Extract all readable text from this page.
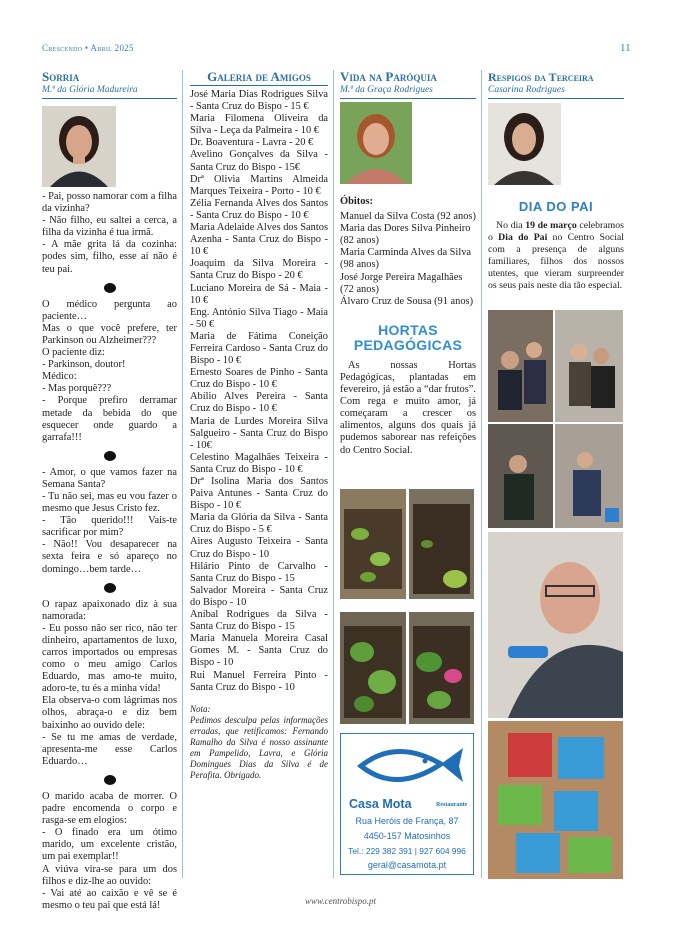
Crescendo • Abril 2025	11
Sorria
M.ª da Glória Madureira
- Pai, posso namorar com a filha da vizinha?
- Não filho, eu saltei a cerca, a filha da vizinha é tua irmã.
- A mãe grita lá da cozinha: podes sim, filho, esse aí não é teu pai.
O médico pergunta ao paciente…
Mas o que você prefere, ter Parkinson ou Alzheimer???
O paciente diz:
- Parkinson, doutor!
Médico:
- Mas porquê???
- Porque prefiro derramar metade da bebida do que esquecer onde guardo a garrafa!!!
- Amor, o que vamos fazer na Semana Santa?
- Tu não sei, mas eu vou fazer o mesmo que Jesus Cristo fez.
- Tão querido!!! Vais-te sacrificar por mim?
- Não!! Vou desaparecer na sexta feira e só apareço no domingo…bem tarde…
O rapaz apaixonado diz à sua namorada:
- Eu posso não ser rico, não ter dinheiro, apartamentos de luxo, carros importados ou empresas como o meu amigo Carlos Eduardo, mas amo-te muito, adoro-te, tu és a minha vida!
Ela observa-o com lágrimas nos olhos, abraça-o e diz bem baixinho ao ouvido dele:
- Se tu me amas de verdade, apresenta-me esse Carlos Eduardo…
O marido acaba de morrer. O padre encomenda o corpo e rasga-se em elogios:
- O finado era um ótimo marido, um excelente cristão, um pai exemplar!!
A viúva vira-se para um dos filhos e diz-lhe ao ouvido:
- Vai até ao caixão e vê se é mesmo o teu pai que está lá!
Galeria de Amigos
José Maria Dias Rodrigues Silva - Santa Cruz do Bispo - 15 €
Maria Filomena Oliveira da Silva - Leça da Palmeira - 10 €
Dr. Boaventura - Lavra - 20 €
Avelino Gonçalves da Silva - Santa Cruz do Bispo - 15€
Drª Olivia Martins Almeida Marques Teixeira - Porto - 10 €
Zélia Fernanda Alves dos Santos - Santa Cruz do Bispo - 10 €
Maria Adelaide Alves dos Santos Azenha - Santa Cruz do Bispo - 10 €
Joaquim da Silva Moreira - Santa Cruz do Bispo - 20 €
Luciano Moreira de Sá - Maia - 10 €
Eng. António Silva Tiago - Maia - 50 €
Maria de Fátima Coneição Ferreira Cardoso - Santa Cruz do Bispo - 10 €
Ernesto Soares de Pinho - Santa Cruz do Bispo - 10 €
Abílio Alves Pereira - Santa Cruz do Bispo - 10 €
Maria de Lurdes Moreira Silva Salgueiro - Santa Cruz do Bispo - 10€
Celestino Magalhães Teixeira - Santa Cruz do Bispo - 10 €
Drª Isolina Maria dos Santos Paiva Antunes - Santa Cruz do Bispo - 10 €
Maria da Glória da Silva - Santa Cruz do Bispo - 5 €
Aires Augusto Teixeira - Santa Cruz do Bispo - 10
Hilário Pinto de Carvalho - Santa Cruz do Bispo - 15
Salvador Moreira - Santa Cruz do Bispo - 10
Aníbal Rodrigues da Silva - Santa Cruz do Bispo - 15
Maria Manuela Moreira Casal Gomes M. - Santa Cruz do Bispo - 10
Rui Manuel Ferreira Pinto - Santa Cruz do Bispo - 10
Nota:
Pedimos desculpa pelas informações erradas, que retificamos: Fernando Ramalho da Silva é nosso assinante em Pampelido, Lavra, e Glória Domingues Dias da Silva é de Perafita. Obrigado.
Vida na Paróquia
M.ª da Graça Rodrigues
Óbitos:
Manuel da Silva Costa (92 anos)
Maria das Dores Silva Pinheiro (82 anos)
Maria Carminda Alves da Silva (98 anos)
José Jorge Pereira Magalhães (72 anos)
Álvaro Cruz de Sousa (91 anos)
HORTAS
PEDAGÓGICAS
As nossas Hortas Pedagógicas, plantadas em fevereiro, já estão a “dar frutos”. Com rega e muito amor, já começaram a crescer os alimentos, alguns dos quais já pudemos saborear nas refeições do Centro Social.
Casa Mota	Restaurante
Rua Heróis de França, 87
4450-157 Matosinhos
Tel.: 229 382 391 | 927 604 996
geral@casamota.pt
Respigos da Terceira
Casarina Rodrigues
DIA DO PAI
No dia 19 de março celebramos o Dia do Pai no Centro Social com a presença de alguns familiares, filhos dos nossos utentes, que vieram surpreender os seus pais neste dia tão especial.
www.centrobispo.pt
